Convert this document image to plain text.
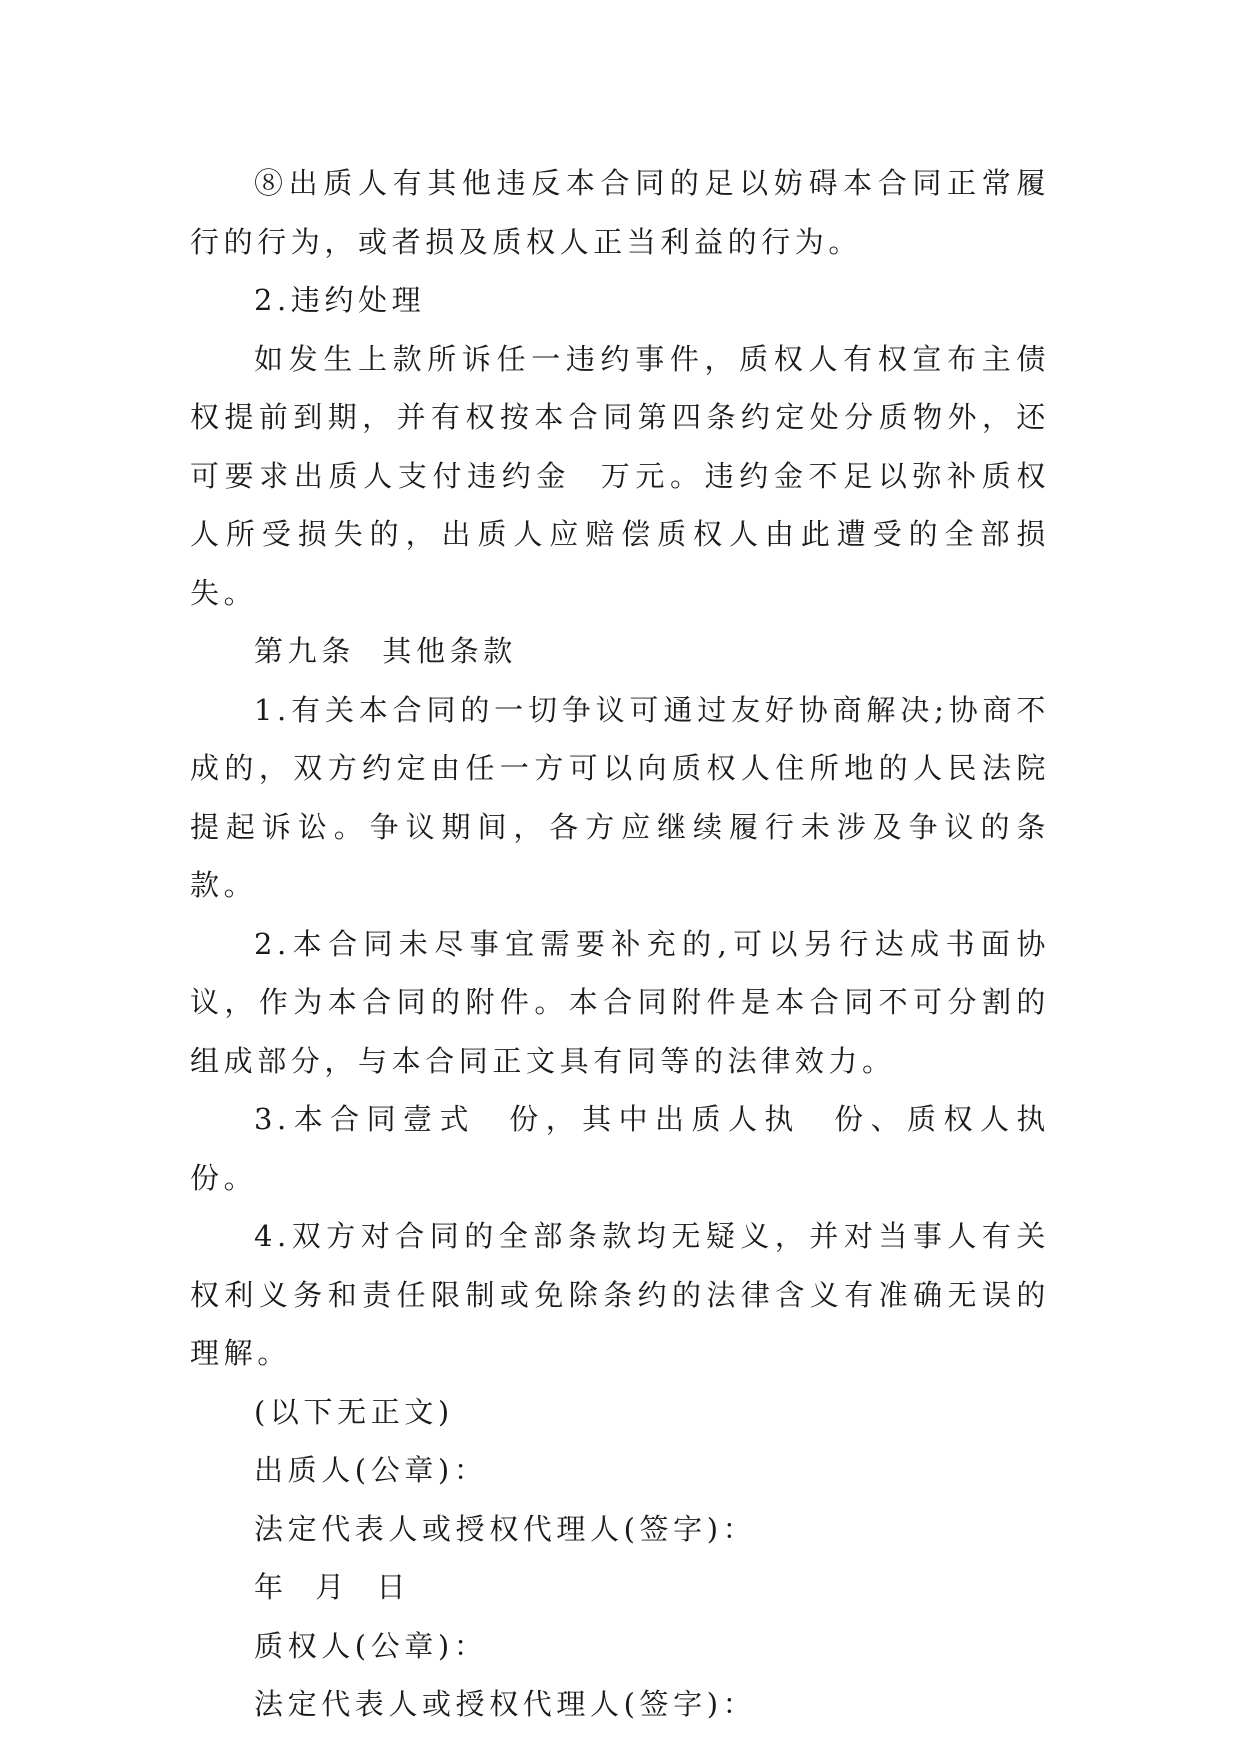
⑧出质人有其他违反本合同的足以妨碍本合同正常履行的行为，或者损及质权人正当利益的行为。

2.违约处理

如发生上款所诉任一违约事件，质权人有权宣布主债权提前到期，并有权按本合同第四条约定处分质物外，还可要求出质人支付违约金  万元。违约金不足以弥补质权人所受损失的，出质人应赔偿质权人由此遭受的全部损失。

第九条  其他条款

1.有关本合同的一切争议可通过友好协商解决;协商不成的，双方约定由任一方可以向质权人住所地的人民法院提起诉讼。争议期间，各方应继续履行未涉及争议的条款。

2.本合同未尽事宜需要补充的,可以另行达成书面协议，作为本合同的附件。本合同附件是本合同不可分割的组成部分，与本合同正文具有同等的法律效力。

3.本合同壹式  份，其中出质人执  份、质权人执  份。

4.双方对合同的全部条款均无疑义，并对当事人有关权利义务和责任限制或免除条约的法律含义有准确无误的理解。

(以下无正文)

出质人(公章)：

法定代表人或授权代理人(签字)：

年  月  日

质权人(公章)：

法定代表人或授权代理人(签字)：
